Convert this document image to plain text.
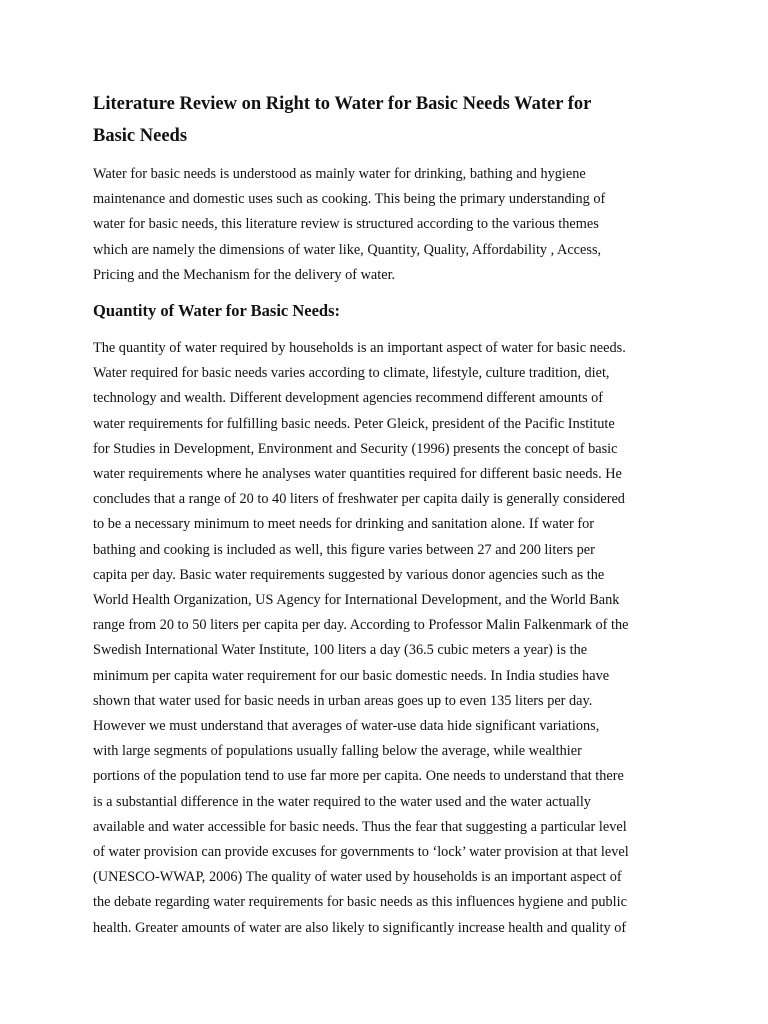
Literature Review on Right to Water for Basic Needs Water for
Basic Needs
Water for basic needs is understood as mainly water for drinking, bathing and hygiene
maintenance and domestic uses such as cooking. This being the primary understanding of
water for basic needs, this literature review is structured according to the various themes
which are namely the dimensions of water like, Quantity, Quality, Affordability , Access,
Pricing and the Mechanism for the delivery of water.
Quantity of Water for Basic Needs:
The quantity of water required by households is an important aspect of water for basic needs.
Water required for basic needs varies according to climate, lifestyle, culture tradition, diet,
technology and wealth. Different development agencies recommend different amounts of
water requirements for fulfilling basic needs. Peter Gleick, president of the Pacific Institute
for Studies in Development, Environment and Security (1996) presents the concept of basic
water requirements where he analyses water quantities required for different basic needs. He
concludes that a range of 20 to 40 liters of freshwater per capita daily is generally considered
to be a necessary minimum to meet needs for drinking and sanitation alone. If water for
bathing and cooking is included as well, this figure varies between 27 and 200 liters per
capita per day. Basic water requirements suggested by various donor agencies such as the
World Health Organization, US Agency for International Development, and the World Bank
range from 20 to 50 liters per capita per day. According to Professor Malin Falkenmark of the
Swedish International Water Institute, 100 liters a day (36.5 cubic meters a year) is the
minimum per capita water requirement for our basic domestic needs. In India studies have
shown that water used for basic needs in urban areas goes up to even 135 liters per day.
However we must understand that averages of water-use data hide significant variations,
with large segments of populations usually falling below the average, while wealthier
portions of the population tend to use far more per capita. One needs to understand that there
is a substantial difference in the water required to the water used and the water actually
available and water accessible for basic needs. Thus the fear that suggesting a particular level
of water provision can provide excuses for governments to ‘lock’ water provision at that level
(UNESCO-WWAP, 2006) The quality of water used by households is an important aspect of
the debate regarding water requirements for basic needs as this influences hygiene and public
health. Greater amounts of water are also likely to significantly increase health and quality of
